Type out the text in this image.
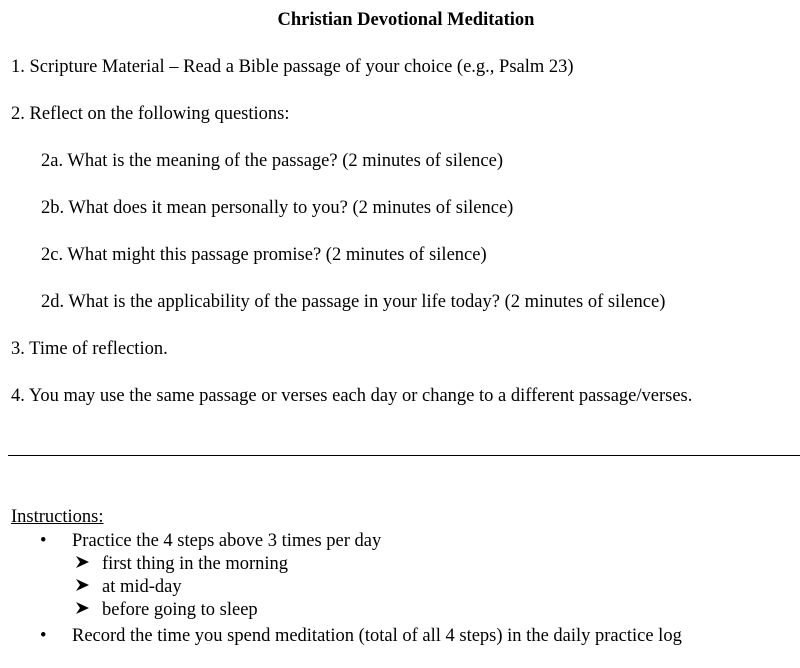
Christian Devotional Meditation

1. Scripture Material – Read a Bible passage of your choice (e.g., Psalm 23)

2. Reflect on the following questions:

2a. What is the meaning of the passage? (2 minutes of silence)

2b. What does it mean personally to you? (2 minutes of silence)

2c. What might this passage promise? (2 minutes of silence)

2d. What is the applicability of the passage in your life today? (2 minutes of silence)

3. Time of reflection.

4. You may use the same passage or verses each day or change to a different passage/verses.

Instructions:

• Practice the 4 steps above 3 times per day
first thing in the morning
at mid-day
before going to sleep
• Record the time you spend meditation (total of all 4 steps) in the daily practice log
